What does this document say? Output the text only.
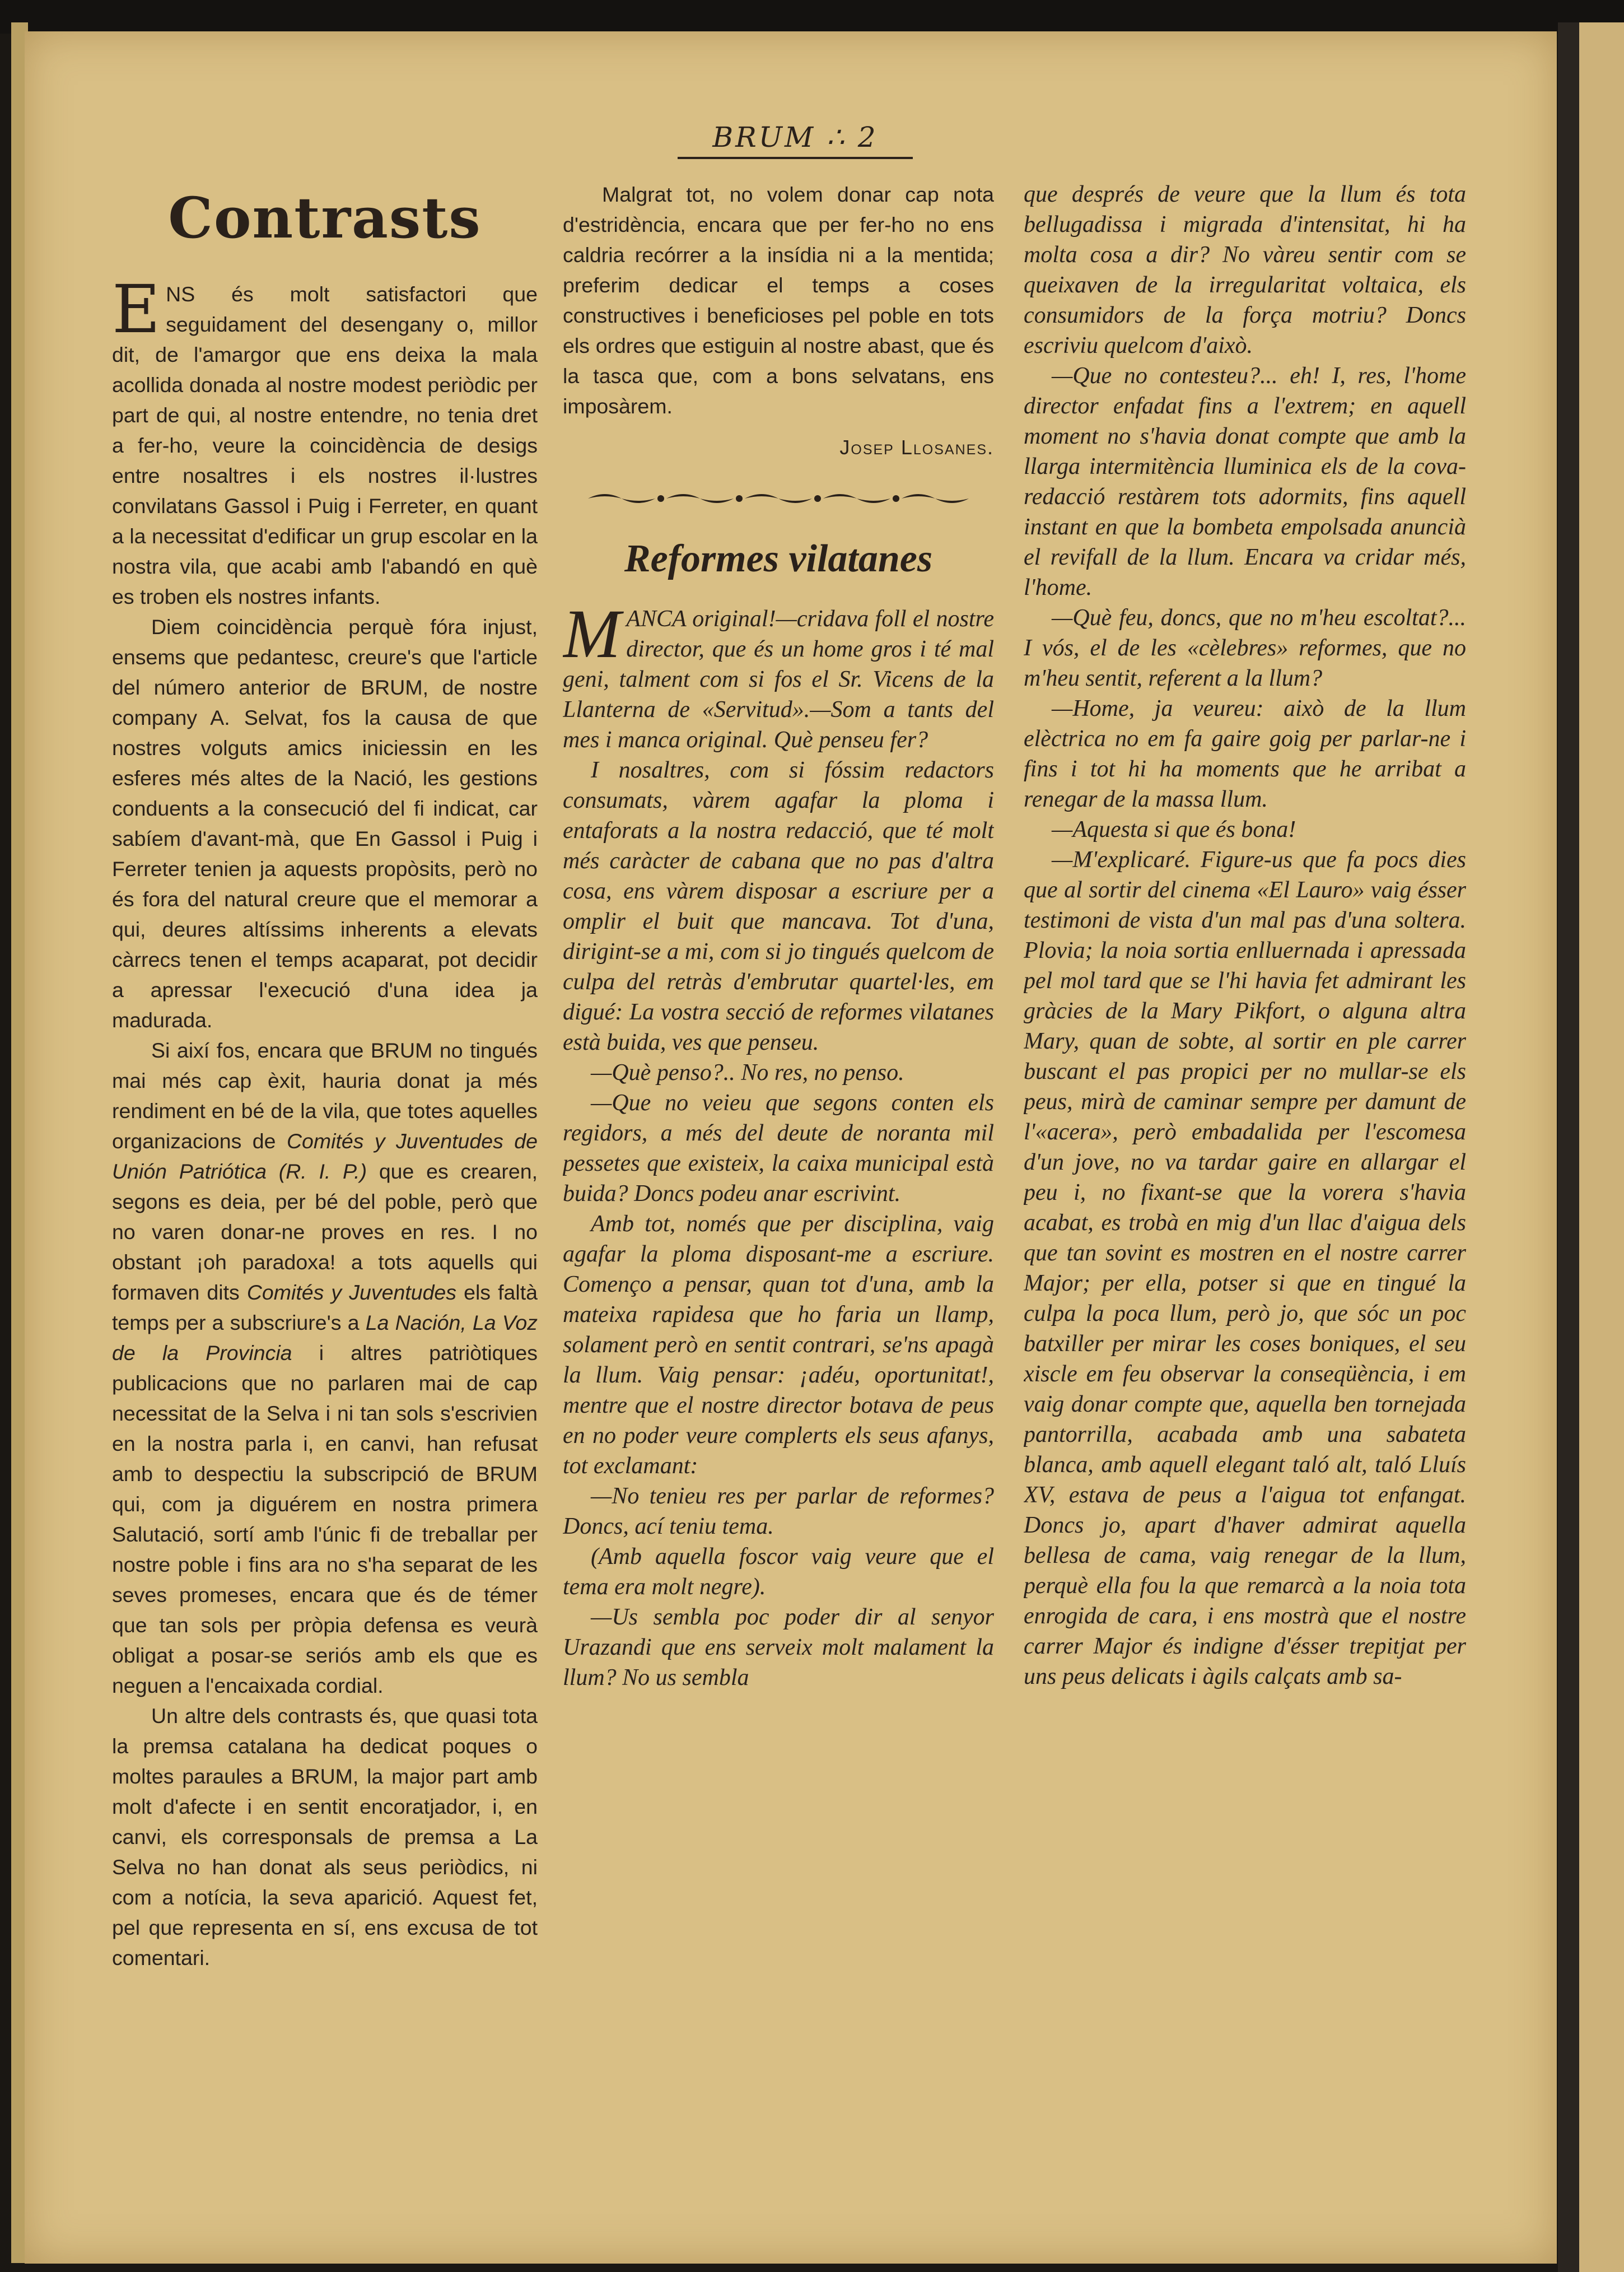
BRUM ∴ 2
Contrasts

ENS és molt satisfactori que seguidament del desengany o, millor dit, de l'amargor que ens deixa la mala acollida donada al nostre modest periòdic per part de qui, al nostre entendre, no tenia dret a fer-ho, veure la coincidència de desigs entre nosaltres i els nostres il·lustres convilatans Gassol i Puig i Ferreter, en quant a la necessitat d'edificar un grup escolar en la nostra vila, que acabi amb l'abandó en què es troben els nostres infants.

Diem coincidència perquè fóra injust, ensems que pedantesc, creure's que l'article del número anterior de BRUM, de nostre company A. Selvat, fos la causa de que nostres volguts amics iniciessin en les esferes més altes de la Nació, les gestions conduents a la consecució del fi indicat, car sabíem d'avant-mà, que En Gassol i Puig i Ferreter tenien ja aquests propòsits, però no és fora del natural creure que el memorar a qui, deures altíssims inherents a elevats càrrecs tenen el temps acaparat, pot decidir a apressar l'execució d'una idea ja madurada.

Si així fos, encara que BRUM no tingués mai més cap èxit, hauria donat ja més rendiment en bé de la vila, que totes aquelles organizacions de Comités y Juventudes de Unión Patriótica (R. I. P.) que es crearen, segons es deia, per bé del poble, però que no varen donar-ne proves en res. I no obstant ¡oh paradoxa! a tots aquells qui formaven dits Comités y Juventudes els faltà temps per a subscriure's a La Nación, La Voz de la Provincia i altres patriòtiques publicacions que no parlaren mai de cap necessitat de la Selva i ni tan sols s'escrivien en la nostra parla i, en canvi, han refusat amb to despectiu la subscripció de BRUM qui, com ja diguérem en nostra primera Salutació, sortí amb l'únic fi de treballar per nostre poble i fins ara no s'ha separat de les seves promeses, encara que és de témer que tan sols per pròpia defensa es veurà obligat a posar-se seriós amb els que es neguen a l'encaixada cordial.

Un altre dels contrasts és, que quasi tota la premsa catalana ha dedicat poques o moltes paraules a BRUM, la major part amb molt d'afecte i en sentit encoratjador, i, en canvi, els corresponsals de premsa a La Selva no han donat als seus periòdics, ni com a notícia, la seva aparició. Aquest fet, pel que representa en sí, ens excusa de tot comentari.

Malgrat tot, no volem donar cap nota d'estridència, encara que per fer-ho no ens caldria recórrer a la insídia ni a la mentida; preferim dedicar el temps a coses constructives i beneficioses pel poble en tots els ordres que estiguin al nostre abast, que és la tasca que, com a bons selvatans, ens imposàrem.

Josep Llosanes.
Reformes vilatanes

MANCA original!—cridava foll el nostre director, que és un home gros i té mal geni, talment com si fos el Sr. Vicens de la Llanterna de «Servitud».—Som a tants del mes i manca original. Què penseu fer?

I nosaltres, com si fóssim redactors consumats, vàrem agafar la ploma i entaforats a la nostra redacció, que té molt més caràcter de cabana que no pas d'altra cosa, ens vàrem disposar a escriure per a omplir el buit que mancava. Tot d'una, dirigint-se a mi, com si jo tingués quelcom de culpa del retràs d'embrutar quartel·les, em digué: La vostra secció de reformes vilatanes està buida, ves que penseu.

—Què penso?.. No res, no penso.

—Que no veieu que segons conten els regidors, a més del deute de noranta mil pessetes que existeix, la caixa municipal està buida? Doncs podeu anar escrivint.

Amb tot, només que per disciplina, vaig agafar la ploma disposant-me a escriure. Començo a pensar, quan tot d'una, amb la mateixa rapidesa que ho faria un llamp, solament però en sentit contrari, se'ns apagà la llum. Vaig pensar: ¡adéu, oportunitat!, mentre que el nostre director botava de peus en no poder veure complerts els seus afanys, tot exclamant:

—No tenieu res per parlar de reformes? Doncs, ací teniu tema.

(Amb aquella foscor vaig veure que el tema era molt negre).

—Us sembla poc poder dir al senyor Urazandi que ens serveix molt malament la llum? No us sembla

que després de veure que la llum és tota bellugadissa i migrada d'intensitat, hi ha molta cosa a dir? No vàreu sentir com se queixaven de la irregularitat voltaica, els consumidors de la força motriu? Doncs escriviu quelcom d'això.

—Que no contesteu?... eh! I, res, l'home director enfadat fins a l'extrem; en aquell moment no s'havia donat compte que amb la llarga intermitència lluminica els de la cova-redacció restàrem tots adormits, fins aquell instant en que la bombeta empolsada anuncià el revifall de la llum. Encara va cridar més, l'home.

—Què feu, doncs, que no m'heu escoltat?... I vós, el de les «cèlebres» reformes, que no m'heu sentit, referent a la llum?

—Home, ja veureu: això de la llum elèctrica no em fa gaire goig per parlar-ne i fins i tot hi ha moments que he arribat a renegar de la massa llum.

—Aquesta si que és bona!

—M'explicaré. Figure-us que fa pocs dies que al sortir del cinema «El Lauro» vaig ésser testimoni de vista d'un mal pas d'una soltera. Plovia; la noia sortia enlluernada i apressada pel mol tard que se l'hi havia fet admirant les gràcies de la Mary Pikfort, o alguna altra Mary, quan de sobte, al sortir en ple carrer buscant el pas propici per no mullar-se els peus, mirà de caminar sempre per damunt de l'«acera», però embadalida per l'escomesa d'un jove, no va tardar gaire en allargar el peu i, no fixant-se que la vorera s'havia acabat, es trobà en mig d'un llac d'aigua dels que tan sovint es mostren en el nostre carrer Major; per ella, potser si que en tingué la culpa la poca llum, però jo, que sóc un poc batxiller per mirar les coses boniques, el seu xiscle em feu observar la conseqüència, i em vaig donar compte que, aquella ben tornejada pantorrilla, acabada amb una sabateta blanca, amb aquell elegant taló alt, taló Lluís XV, estava de peus a l'aigua tot enfangat. Doncs jo, apart d'haver admirat aquella bellesa de cama, vaig renegar de la llum, perquè ella fou la que remarcà a la noia tota enrogida de cara, i ens mostrà que el nostre carrer Major és indigne d'ésser trepitjat per uns peus delicats i àgils calçats amb sa-
